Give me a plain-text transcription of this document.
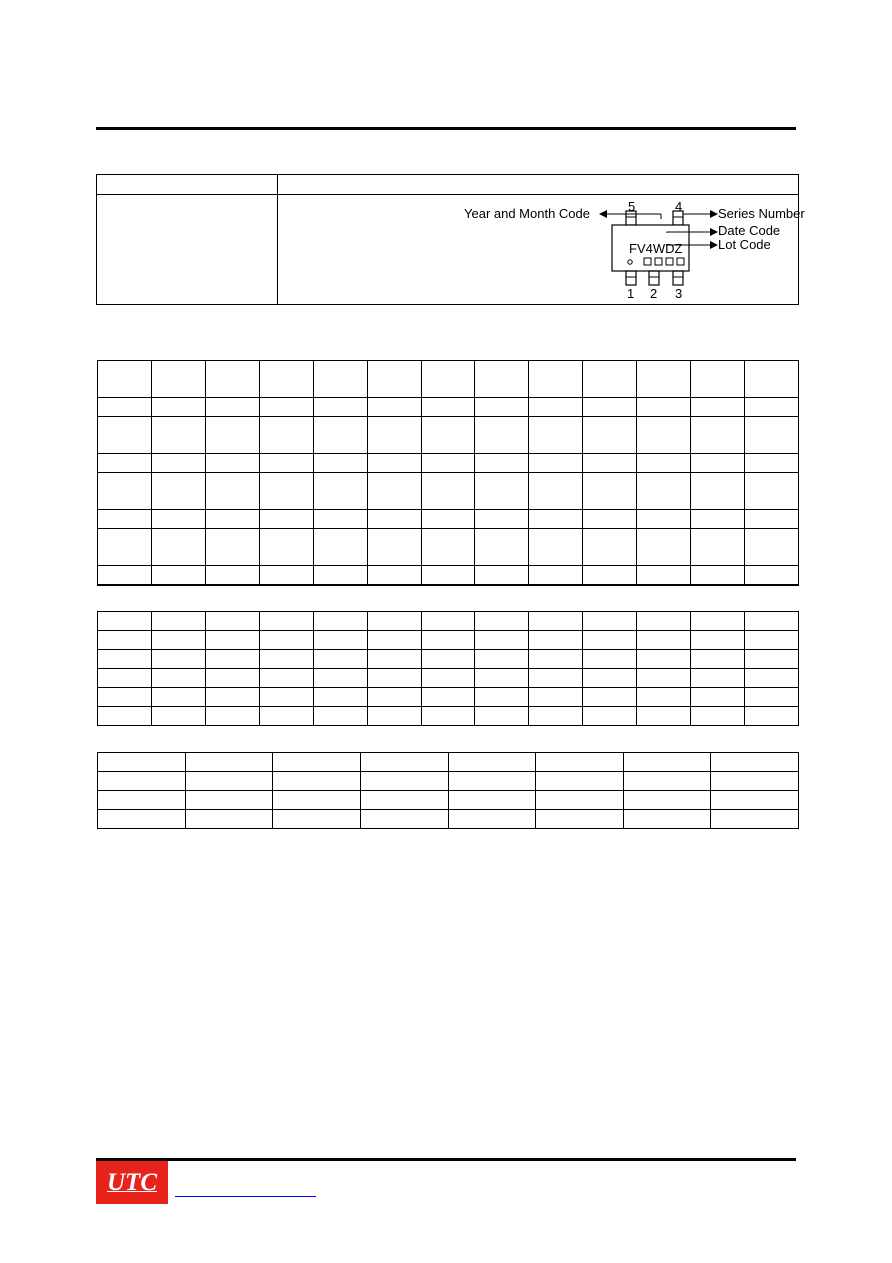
5	4
FV4WDZ
Year and Month Code	Series Number
Date Code
Lot Code
1 2 3

UTC
